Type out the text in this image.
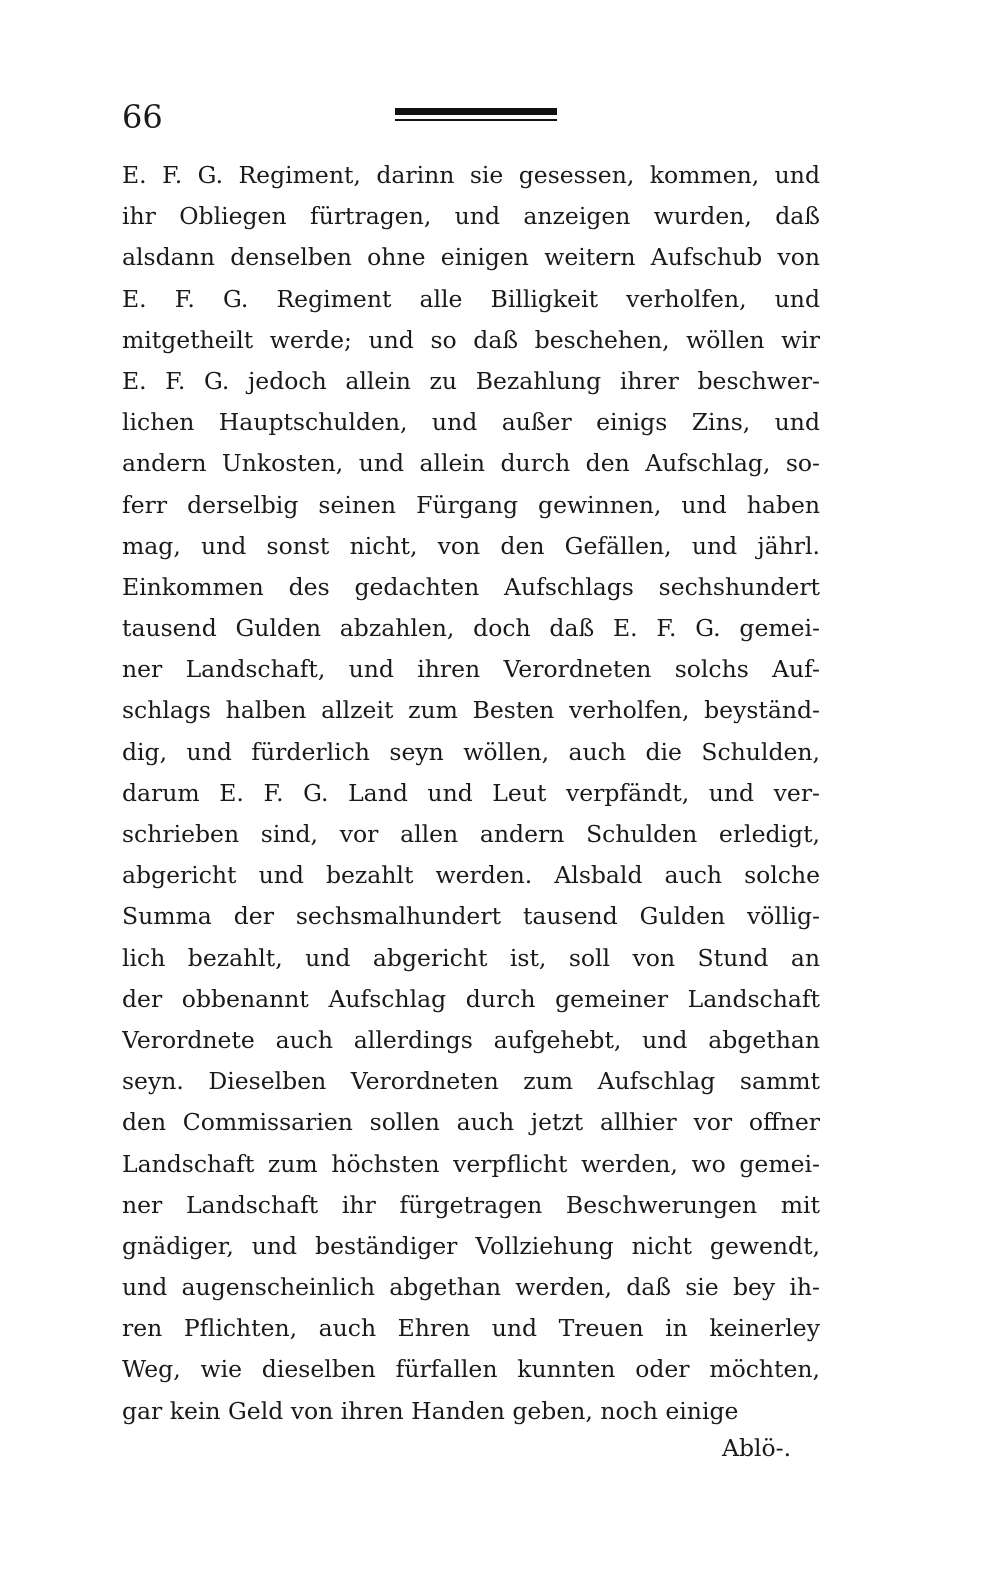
66
E. F. G. Regiment, darinn sie gesessen, kommen, und
ihr Obliegen fürtragen, und anzeigen wurden, daß
alsdann denselben ohne einigen weitern Aufschub von
E. F. G. Regiment alle Billigkeit verholfen, und
mitgetheilt werde; und so daß beschehen, wöllen wir
E. F. G. jedoch allein zu Bezahlung ihrer beschwer-
lichen Hauptschulden, und außer einigs Zins, und
andern Unkosten, und allein durch den Aufschlag, so-
ferr derselbig seinen Fürgang gewinnen, und haben
mag, und sonst nicht, von den Gefällen, und jährl.
Einkommen des gedachten Aufschlags sechshundert
tausend Gulden abzahlen, doch daß E. F. G. gemei-
ner Landschaft, und ihren Verordneten solchs Auf-
schlags halben allzeit zum Besten verholfen, beyständ-
dig, und fürderlich seyn wöllen, auch die Schulden,
darum E. F. G. Land und Leut verpfändt, und ver-
schrieben sind, vor allen andern Schulden erledigt,
abgericht und bezahlt werden. Alsbald auch solche
Summa der sechsmalhundert tausend Gulden völlig-
lich bezahlt, und abgericht ist, soll von Stund an
der obbenannt Aufschlag durch gemeiner Landschaft
Verordnete auch allerdings aufgehebt, und abgethan
seyn. Dieselben Verordneten zum Aufschlag sammt
den Commissarien sollen auch jetzt allhier vor offner
Landschaft zum höchsten verpflicht werden, wo gemei-
ner Landschaft ihr fürgetragen Beschwerungen mit
gnädiger, und beständiger Vollziehung nicht gewendt,
und augenscheinlich abgethan werden, daß sie bey ih-
ren Pflichten, auch Ehren und Treuen in keinerley
Weg, wie dieselben fürfallen kunnten oder möchten,
gar kein Geld von ihren Handen geben, noch einige
Ablö-.
